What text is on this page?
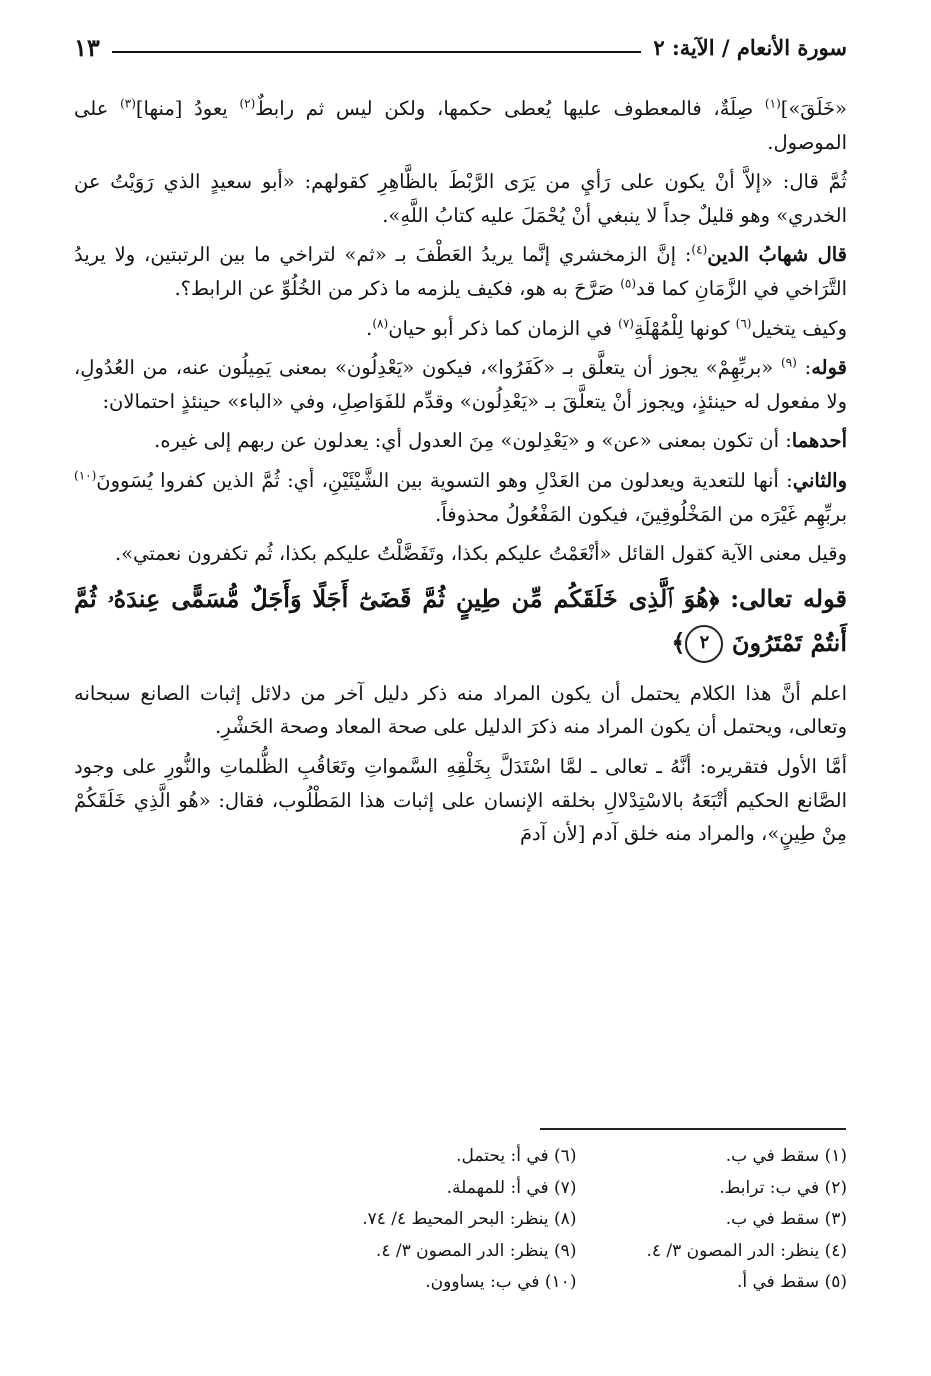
سورة الأنعام / الآية: ٢
١٣

«خَلَقَ»]$^{(١)}$ صِلَةٌ، فالمعطوف عليها يُعطى حكمها، ولكن ليس ثم رابطٌ$^{(٢)}$ يعودُ [منها]$^{(٣)}$ على الموصول.

ثُمَّ قال: «إلاَّ أنْ يكون على رَأيِ من يَرَى الرَّبْطَ بالظَّاهِرِ كقولهم: «أبو سعيدٍ الذي رَوَيْتُ عن الخدري» وهو قليلٌ جداً لا ينبغي أنْ يُحْمَلَ عليه كتابُ اللَّهِ».

قال شهابُ الدين$^{(٤)}$: إنَّ الزمخشري إنَّما يريدُ العَطْفَ بـ «ثم» لتراخي ما بين الرتبتين، ولا يريدُ التَّرَاخي في الزَّمَانِ كما قد$^{(٥)}$ صَرَّحَ به هو، فكيف يلزمه ما ذكر من الخُلُوِّ عن الرابط؟.

وكيف يتخيل$^{(٦)}$ كونها لِلْمُهْلَةِ$^{(٧)}$ في الزمان كما ذكر أبو حيان$^{(٨)}$.

قوله: $^{(٩)}$ «بربِّهِمْ» يجوز أن يتعلَّق بـ «كَفَرُوا»، فيكون «يَعْدِلُون» بمعنى يَمِيلُون عنه، من العُدُولِ، ولا مفعول له حينئذٍ، ويجوز أنْ يتعلَّقَ بـ «يَعْدِلُون» وقدِّم للفَوَاصِلِ، وفي «الباء» حينئذٍ احتمالان:

أحدهما: أن تكون بمعنى «عن» و «يَعْدِلون» مِنَ العدول أي: يعدلون عن ربهم إلى غيره.

والثاني: أنها للتعدية ويعدلون من العَدْلِ وهو التسوية بين الشَّيْئَيْنِ، أي: ثُمَّ الذين كفروا يُسَوونَ$^{(١٠)}$ بربِّهِم غَيْرَه من المَخْلُوقِينَ، فيكون المَفْعُولُ محذوفاً.

وقيل معنى الآية كقول القائل «أنْعَمْتُ عليكم بكذا، وتَفَضَّلْتُ عليكم بكذا، ثُم تكفرون نعمتي».

قوله تعالى: ﴿هُوَ ٱلَّذِى خَلَقَكُم مِّن طِينٍ ثُمَّ قَضَىٰٓ أَجَلًا وَأَجَلٌ مُّسَمًّى عِندَهُۥ ثُمَّ أَنتُمْ تَمْتَرُونَ ٢﴾

اعلم أنَّ هذا الكلام يحتمل أن يكون المراد منه ذكر دليل آخر من دلائل إثبات الصانع سبحانه وتعالى، ويحتمل أن يكون المراد منه ذكرَ الدليل على صحة المعاد وصحة الحَشْرِ.

أمَّا الأول فتقريره: أنَّهُ ـ تعالى ـ لمَّا اسْتَدَلَّ بِخَلْقِهِ السَّمواتِ وتَعَاقُبِ الظُّلماتِ والنُّورِ على وجود الصَّانع الحكيم أتْبَعَهُ بالاسْتِدْلالِ بخلقه الإنسان على إثبات هذا المَطْلُوب، فقال: «هُو الَّذِي خَلَقَكُمْ مِنْ طِينٍ»، والمراد منه خلق آدم [لأن آدمَ

(١) سقط في ب.
(٢) في ب: ترابط.
(٣) سقط في ب.
(٤) ينظر: الدر المصون ٣/ ٤.
(٥) سقط في أ.
(٦) في أ: يحتمل.
(٧) في أ: للمهملة.
(٨) ينظر: البحر المحيط ٤/ ٧٤.
(٩) ينظر: الدر المصون ٣/ ٤.
(١٠) في ب: يساوون.
